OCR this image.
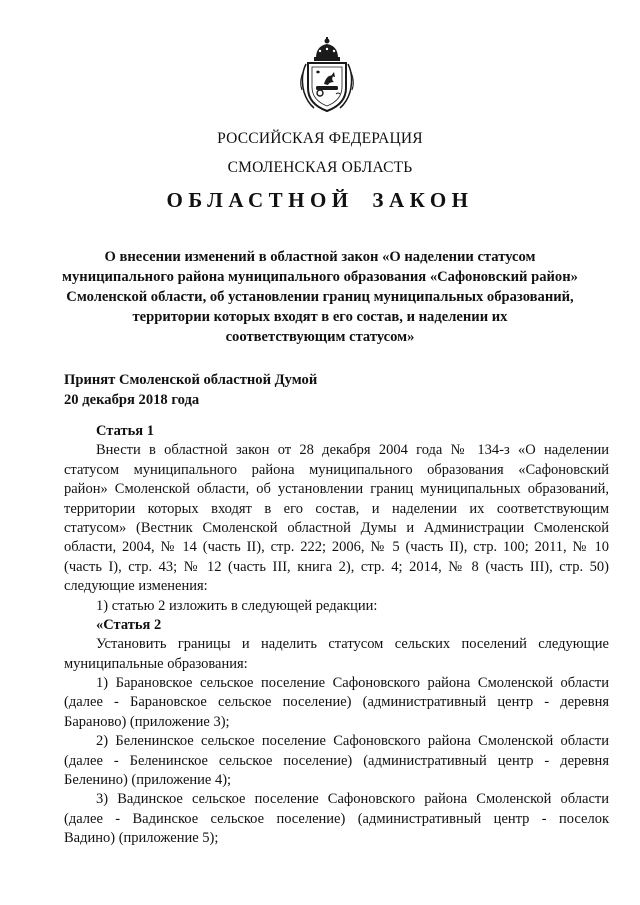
РОССИЙСКАЯ ФЕДЕРАЦИЯ
СМОЛЕНСКАЯ ОБЛАСТЬ
ОБЛАСТНОЙ ЗАКОН
О внесении изменений в областной закон «О наделении статусом
муниципального района муниципального образования «Сафоновский район»
Смоленской области, об установлении границ муниципальных образований,
территории которых входят в его состав, и наделении их
соответствующим статусом»
Принят Смоленской областной Думой
20 декабря 2018 года
Статья 1
Внести в областной закон от 28 декабря 2004 года № 134-з «О наделении
статусом муниципального района муниципального образования «Сафоновский
район» Смоленской области, об установлении границ муниципальных образований,
территории которых входят в его состав, и наделении их соответствующим
статусом» (Вестник Смоленской областной Думы и Администрации Смоленской
области, 2004, № 14 (часть II), стр. 222; 2006, № 5 (часть II), стр. 100; 2011, № 10
(часть I), стр. 43; № 12 (часть III, книга 2), стр. 4; 2014, № 8 (часть III), стр. 50)
следующие изменения:
1) статью 2 изложить в следующей редакции:
«Статья 2
Установить границы и наделить статусом сельских поселений следующие
муниципальные образования:
1) Барановское сельское поселение Сафоновского района Смоленской области
(далее - Барановское сельское поселение) (административный центр - деревня
Бараново) (приложение 3);
2) Беленинское сельское поселение Сафоновского района Смоленской области
(далее - Беленинское сельское поселение) (административный центр - деревня
Беленино) (приложение 4);
3) Вадинское сельское поселение Сафоновского района Смоленской области
(далее - Вадинское сельское поселение) (административный центр - поселок
Вадино) (приложение 5);
